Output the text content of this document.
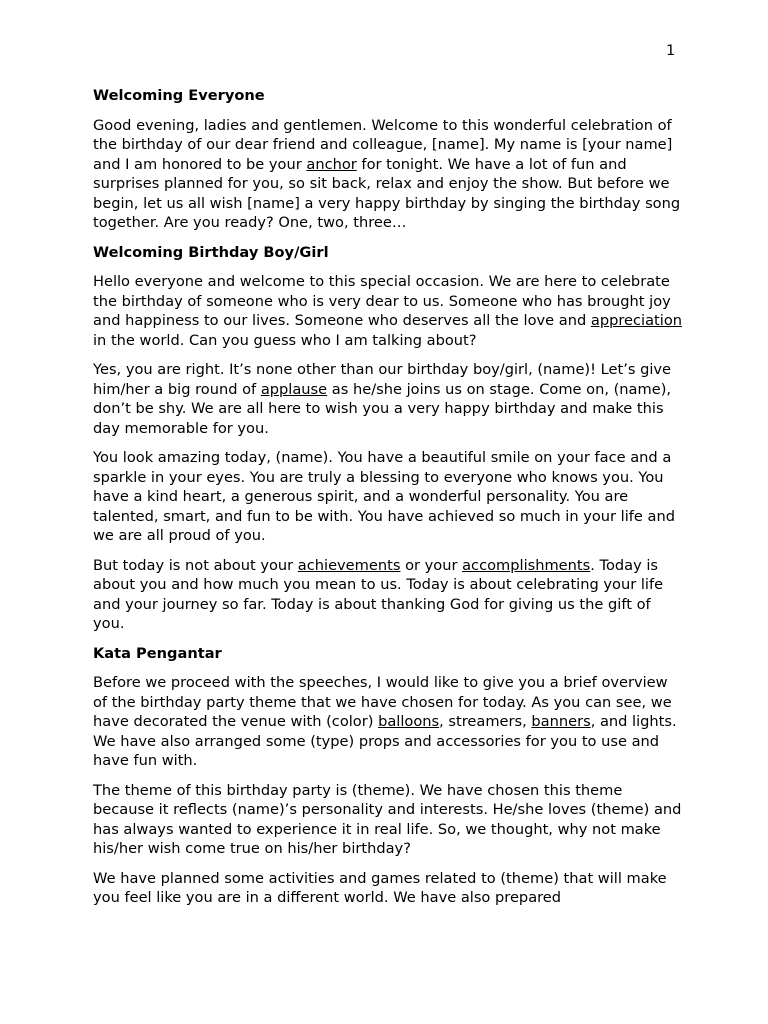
1
Welcoming Everyone
Good evening, ladies and gentlemen. Welcome to this wonderful celebration of the birthday of our dear friend and colleague, [name]. My name is [your name] and I am honored to be your anchor for tonight. We have a lot of fun and surprises planned for you, so sit back, relax and enjoy the show. But before we begin, let us all wish [name] a very happy birthday by singing the birthday song together. Are you ready? One, two, three…
Welcoming Birthday Boy/Girl
Hello everyone and welcome to this special occasion. We are here to celebrate the birthday of someone who is very dear to us. Someone who has brought joy and happiness to our lives. Someone who deserves all the love and appreciation in the world. Can you guess who I am talking about?
Yes, you are right. It’s none other than our birthday boy/girl, (name)! Let’s give him/her a big round of applause as he/she joins us on stage. Come on, (name), don’t be shy. We are all here to wish you a very happy birthday and make this day memorable for you.
You look amazing today, (name). You have a beautiful smile on your face and a sparkle in your eyes. You are truly a blessing to everyone who knows you. You have a kind heart, a generous spirit, and a wonderful personality. You are talented, smart, and fun to be with. You have achieved so much in your life and we are all proud of you.
But today is not about your achievements or your accomplishments. Today is about you and how much you mean to us. Today is about celebrating your life and your journey so far. Today is about thanking God for giving us the gift of you.
Kata Pengantar
Before we proceed with the speeches, I would like to give you a brief overview of the birthday party theme that we have chosen for today. As you can see, we have decorated the venue with (color) balloons, streamers, banners, and lights. We have also arranged some (type) props and accessories for you to use and have fun with.
The theme of this birthday party is (theme). We have chosen this theme because it reflects (name)’s personality and interests. He/she loves (theme) and has always wanted to experience it in real life. So, we thought, why not make his/her wish come true on his/her birthday?
We have planned some activities and games related to (theme) that will make you feel like you are in a different world. We have also prepared
